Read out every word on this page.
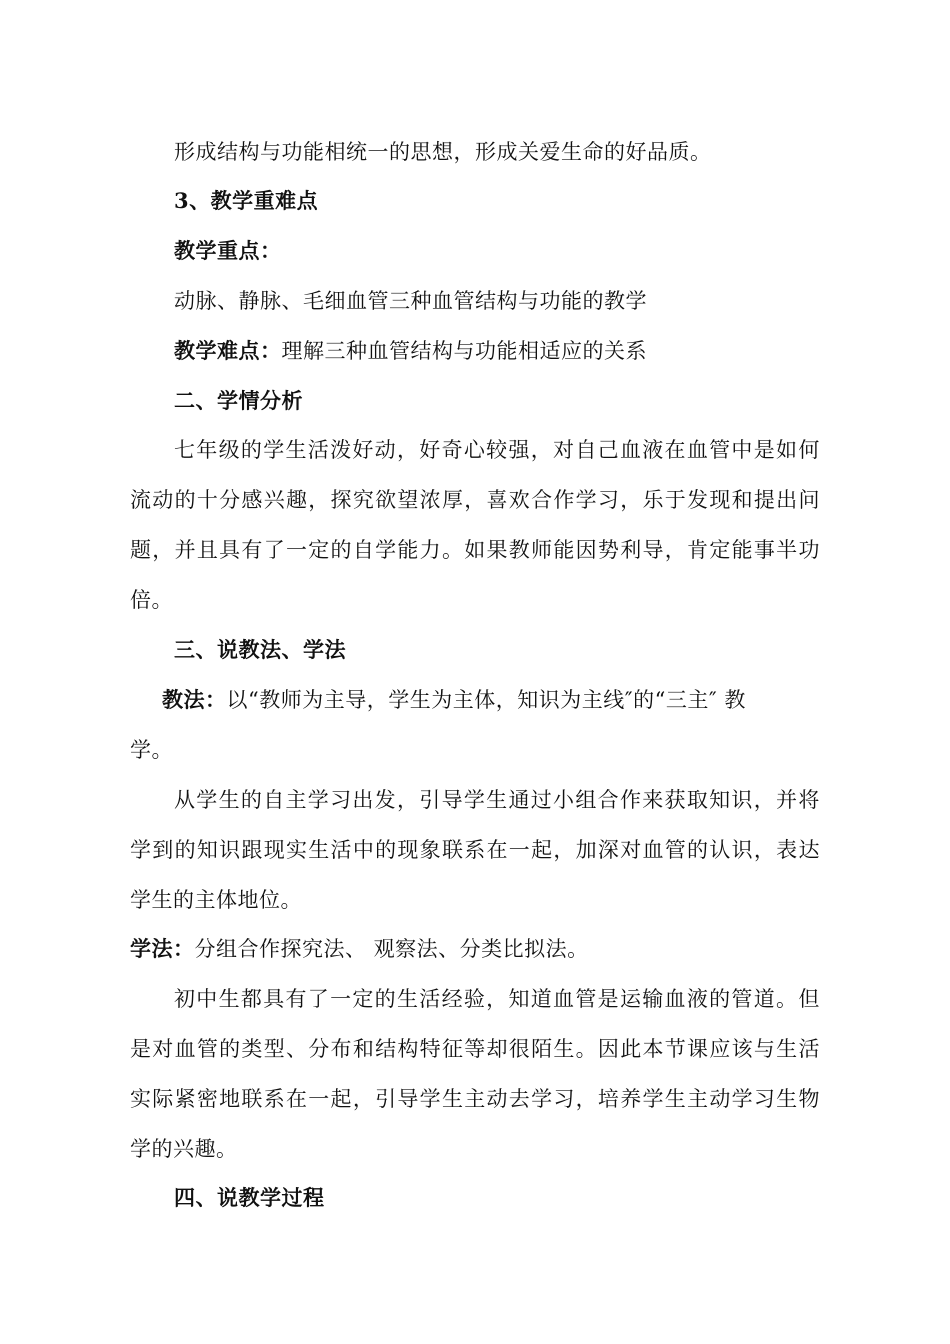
形成结构与功能相统一的思想，形成关爱生命的好品质。
3、教学重难点
教学重点：
动脉、静脉、毛细血管三种血管结构与功能的教学
教学难点：理解三种血管结构与功能相适应的关系
二、学情分析
七 年 级 的 学 生 活 泼 好 动 ， 好 奇 心 较 强 ， 对 自 己 血 液 在 血 管 中 是 如 何
流 动 的 十 分 感 兴 趣 ， 探 究 欲 望 浓 厚 ， 喜 欢 合 作 学 习 ， 乐 于 发 现 和 提 出 问
题 ， 并 且 具 有 了 一 定 的 自 学 能 力 。 如 果 教 师 能 因 势 利 导 ， 肯 定 能 事 半 功
倍。
三、说教法、学法
教法：以“教师为主导，学生为主体，知识为主线″的“三主″ 教
学。
从 学 生 的 自 主 学 习 出 发 ， 引 导 学 生 通 过 小 组 合 作 来 获 取 知 识 ， 并 将
学 到 的 知 识 跟 现 实 生 活 中 的 现 象 联 系 在 一 起 ， 加 深 对 血 管 的 认 识 ， 表 达
学生的主体地位。
学法：分组合作探究法、 观察法、分类比拟法。
初 中 生 都 具 有 了 一 定 的 生 活 经 验 ， 知 道 血 管 是 运 输 血 液 的 管 道 。 但
是 对 血 管 的 类 型 、 分 布 和 结 构 特 征 等 却 很 陌 生 。 因 此 本 节 课 应 该 与 生 活
实 际 紧 密 地 联 系 在 一 起 ， 引 导 学 生 主 动 去 学 习 ， 培 养 学 生 主 动 学 习 生 物
学的兴趣。
四、说教学过程
